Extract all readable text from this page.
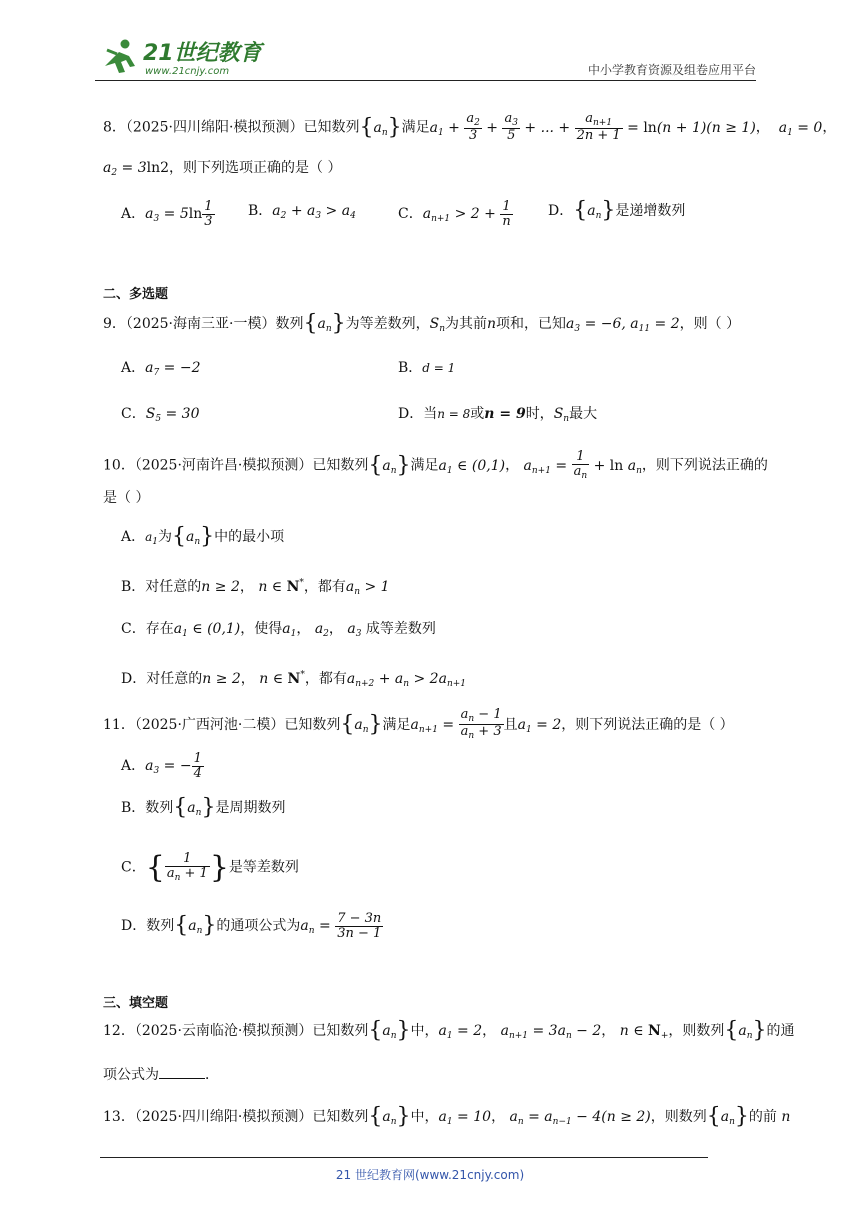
21世纪教育
www.21cnjy.com	中小学教育资源及组卷应用平台
8．（2025·四川绵阳·模拟预测）已知数列$\{a_n\}$满足$a_1 + \frac{a_2}{3} + \frac{a_3}{5}$ + ... + $\frac{a_{n+1}}{2n + 1} = \ln(n + 1)(n \ge 1)$， $a_1 = 0$，
$a_2 = 3\ln 2$，则下列选项正确的是（ ）
A．$a_3 = 5\ln \frac{1}{3}$ B．$a_2 + a_3 > a_4$	C．$a_{n+1} > 2 + \frac{1}{n}$	D．$\{a_n\}$是递增数列
二、多选题
9．（2025·海南三亚·一模）数列$\{a_n\}$为等差数列，$S_n$为其前n项和，已知$a_3 = -6$, $a_{11} = 2$，则（ ）
A．$a_7 = -2$	B．d = 1
C．$S_5 = 30$	D．当n = 8或n = 9时，$S_n$最大
10．（2025·河南许昌·模拟预测）已知数列$\{a_n\}$满足$a_1$ ∈ (0,1)， $a_{n+1} = \frac{1}{a_n} + \ln a_n$，则下列说法正确的
是（ ）
A．$a_1$为$\{a_n\}$中的最小项
B．对任意的n ≥ 2， n ∈ N*，都有$a_n > 1$
C．存在$a_1$ ∈ (0,1)，使得$a_1$， $a_2$， $a_3$ 成等差数列
D．对任意的n ≥ 2， n ∈ N*，都有$a_{n+2} + a_n > 2a_{n+1}$
11．（2025·广西河池·二模）已知数列$\{a_n\}$满足$a_{n+1} = \frac{a_n - 1}{a_n + 3}$ 且$a_1 = 2$，则下列说法正确的是（ ）
A．$a_3$ = − $\frac{1}{4}$
B．数列$\{a_n\}$是周期数列
C．{ $\frac{1}{a_n + 1}$ }是等差数列
D．数列$\{a_n\}$的通项公式为$a_n = \frac{7 - 3n}{3n - 1}$
三、填空题
12．（2025·云南临沧·模拟预测）已知数列$\{a_n\}$中，$a_1 = 2$， $a_{n+1} = 3a_n - 2$， n ∈ $N_+$，则数列$\{a_n\}$的通
项公式为	．
13．（2025·四川绵阳·模拟预测）已知数列$\{a_n\}$中，$a_1 = 10$， $a_n = a_{n-1} - 4(n \ge 2)$，则数列$\{a_n\}$的前 n
21 世纪教育网(www.21cnjy.com)
